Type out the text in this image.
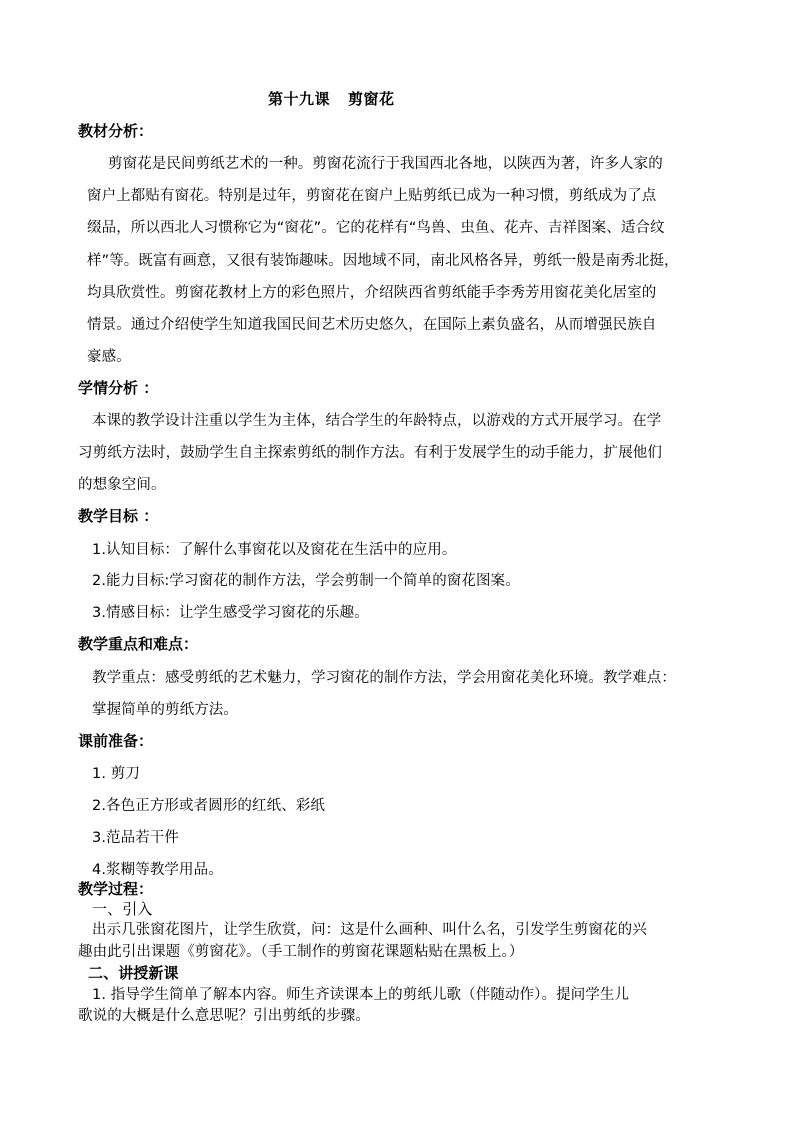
第十九课 剪窗花
教材分析：
剪窗花是民间剪纸艺术的一种。剪窗花流行于我国西北各地，以陕西为著，许多人家的
窗户上都贴有窗花。特别是过年，剪窗花在窗户上贴剪纸已成为一种习惯，剪纸成为了点
缀品，所以西北人习惯称它为“窗花”。它的花样有“鸟兽、虫鱼、花卉、吉祥图案、适合纹
样”等。既富有画意，又很有装饰趣味。因地域不同，南北风格各异，剪纸一般是南秀北挺，
均具欣赏性。剪窗花教材上方的彩色照片，介绍陕西省剪纸能手李秀芳用窗花美化居室的
情景。通过介绍使学生知道我国民间艺术历史悠久，在国际上素负盛名，从而增强民族自
豪感。
学情分析 ：
本课的教学设计注重以学生为主体，结合学生的年龄特点，以游戏的方式开展学习。在学
习剪纸方法时，鼓励学生自主探索剪纸的制作方法。有利于发展学生的动手能力，扩展他们
的想象空间。
教学目标 ：
1.认知目标：了解什么事窗花以及窗花在生活中的应用。
2.能力目标:学习窗花的制作方法，学会剪制一个简单的窗花图案。
3.情感目标：让学生感受学习窗花的乐趣。
教学重点和难点：
教学重点：感受剪纸的艺术魅力，学习窗花的制作方法，学会用窗花美化环境。教学难点：
掌握简单的剪纸方法。
课前准备：
1. 剪刀
2.各色正方形或者圆形的红纸、彩纸
3.范品若干件
4.浆糊等教学用品。
教学过程：
一、引入
出示几张窗花图片，让学生欣赏，问：这是什么画种、叫什么名，引发学生剪窗花的兴
趣由此引出课题《剪窗花》。（手工制作的剪窗花课题粘贴在黑板上。）
二、讲授新课
1. 指导学生简单了解本内容。师生齐读课本上的剪纸儿歌（伴随动作）。提问学生儿
歌说的大概是什么意思呢？引出剪纸的步骤。
